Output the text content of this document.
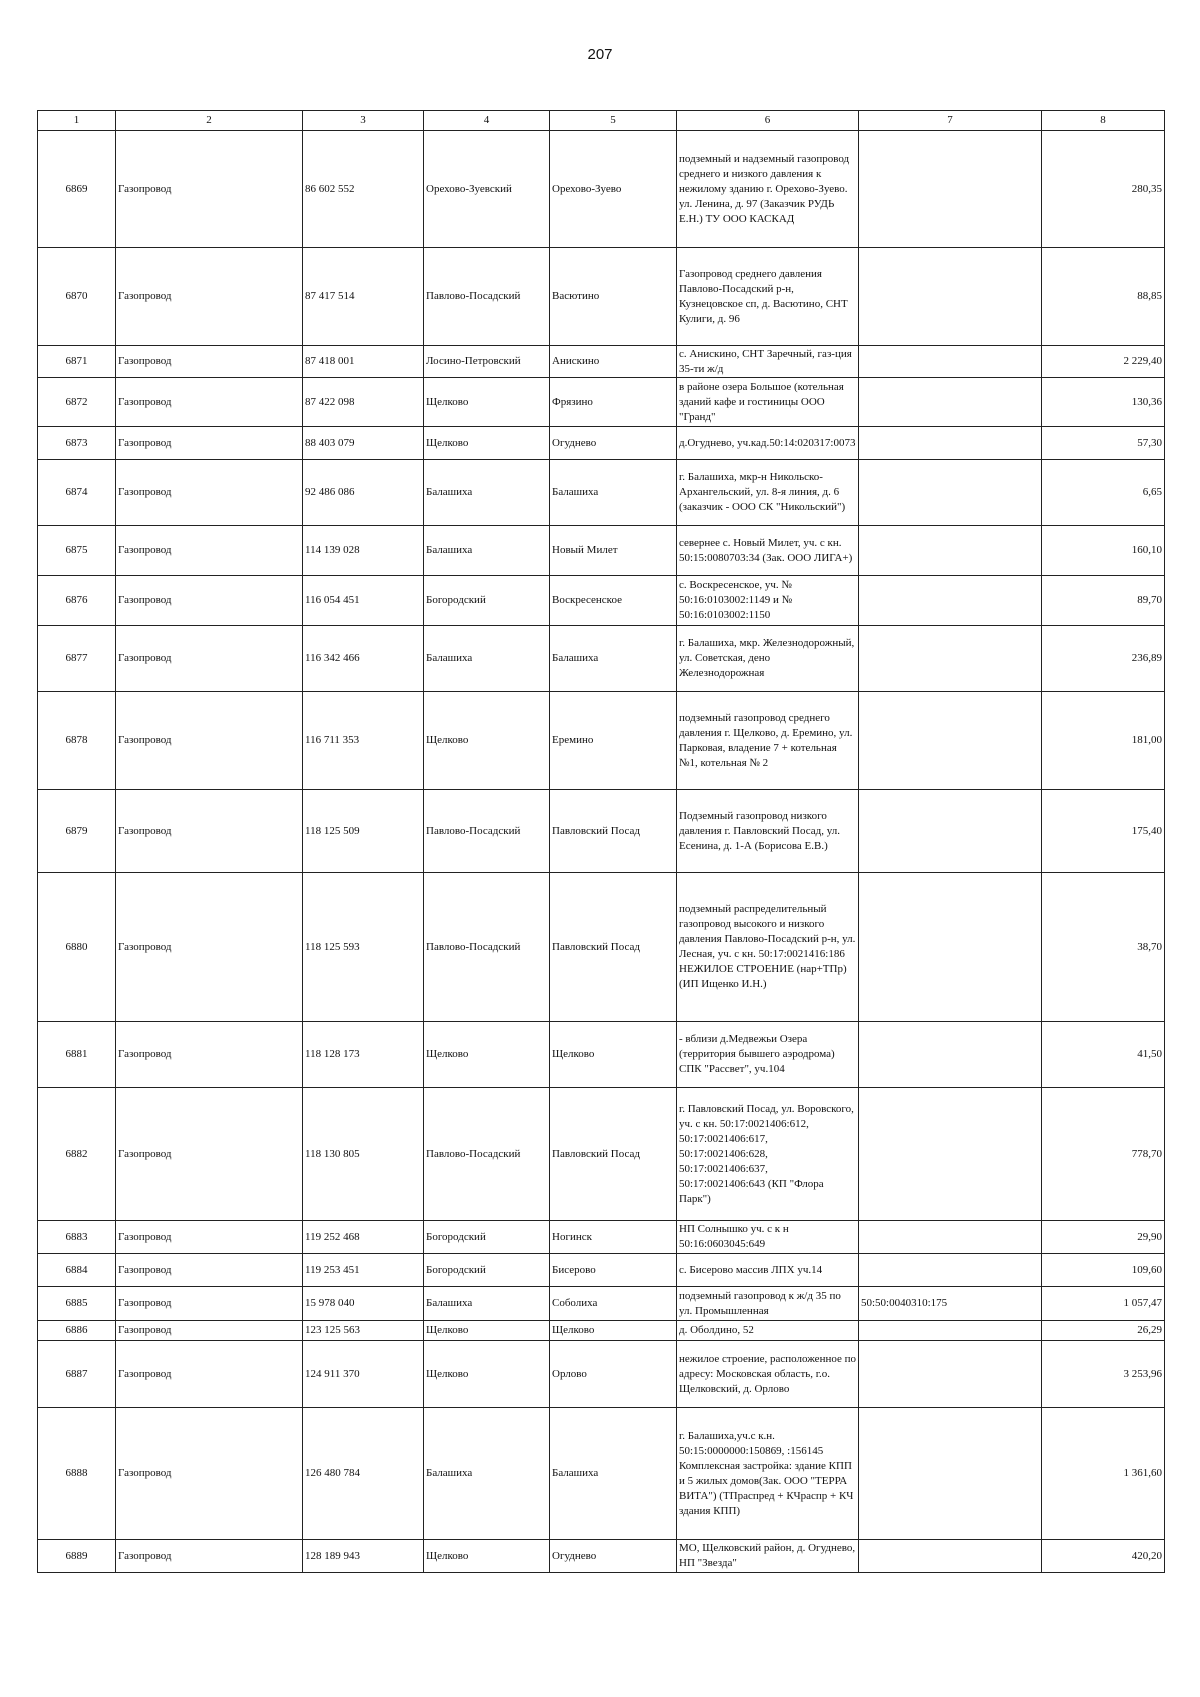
207
1	2	3	4	5	6	7	8
6869	Газопровод	86 602 552	Орехово-Зуевский	Орехово-Зуево	подземный и надземный газопровод среднего и низкого давления к нежилому зданию г. Орехово-Зуево. ул. Ленина, д. 97 (Заказчик РУДЬ Е.Н.) ТУ ООО КАСКАД		280,35
6870	Газопровод	87 417 514	Павлово-Посадский	Васютино	Газопровод среднего давления Павлово-Посадский р-н, Кузнецовское сп, д. Васютино, СНТ Кулиги, д. 96		88,85
6871	Газопровод	87 418 001	Лосино-Петровский	Анискино	с. Анискино, СНТ Заречный, газ-ция 35-ти ж/д		2 229,40
6872	Газопровод	87 422 098	Щелково	Фрязино	в районе озера Большое (котельная зданий кафе и гостиницы ООО "Гранд"		130,36
6873	Газопровод	88 403 079	Щелково	Огуднево	д.Огуднево, уч.кад.50:14:020317:0073		57,30
6874	Газопровод	92 486 086	Балашиха	Балашиха	г. Балашиха, мкр-н Никольско-Архангельский, ул. 8-я линия, д. 6 (заказчик - ООО СК "Никольский")		6,65
6875	Газопровод	114 139 028	Балашиха	Новый Милет	севернее с. Новый Милет, уч. с кн. 50:15:0080703:34 (Зак. ООО ЛИГА+)		160,10
6876	Газопровод	116 054 451	Богородский	Воскресенское	с. Воскресенское, уч. № 50:16:0103002:1149 и № 50:16:0103002:1150		89,70
6877	Газопровод	116 342 466	Балашиха	Балашиха	г. Балашиха, мкр. Железнодорожный, ул. Советская, дено Железнодорожная		236,89
6878	Газопровод	116 711 353	Щелково	Еремино	подземный газопровод среднего давления г. Щелково, д. Еремино, ул. Парковая, владение 7 + котельная №1, котельная № 2		181,00
6879	Газопровод	118 125 509	Павлово-Посадский	Павловский Посад	Подземный газопровод низкого давления г. Павловский Посад, ул. Есенина, д. 1-А (Борисова Е.В.)		175,40
6880	Газопровод	118 125 593	Павлово-Посадский	Павловский Посад	подземный распределительный газопровод высокого и низкого давления Павлово-Посадский р-н, ул. Лесная, уч. с кн. 50:17:0021416:186 НЕЖИЛОЕ СТРОЕНИЕ (нар+ТПр) (ИП Ищенко И.Н.)		38,70
6881	Газопровод	118 128 173	Щелково	Щелково	- вблизи д.Медвежьи Озера (территория бывшего аэродрома) СПК "Рассвет", уч.104		41,50
6882	Газопровод	118 130 805	Павлово-Посадский	Павловский Посад	г. Павловский Посад, ул. Воровского, уч. с кн. 50:17:0021406:612, 50:17:0021406:617, 50:17:0021406:628, 50:17:0021406:637, 50:17:0021406:643 (КП "Флора Парк")		778,70
6883	Газопровод	119 252 468	Богородский	Ногинск	НП Солнышко уч. с к н 50:16:0603045:649		29,90
6884	Газопровод	119 253 451	Богородский	Бисерово	с. Бисерово массив ЛПХ уч.14		109,60
6885	Газопровод	15 978 040	Балашиха	Соболиха	подземный газопровод к ж/д 35 по ул. Промышленная	50:50:0040310:175	1 057,47
6886	Газопровод	123 125 563	Щелково	Щелково	д. Оболдино, 52		26,29
6887	Газопровод	124 911 370	Щелково	Орлово	нежилое строение, расположенное по адресу: Московская область, г.о. Щелковский, д. Орлово		3 253,96
6888	Газопровод	126 480 784	Балашиха	Балашиха	г. Балашиха,уч.с к.н. 50:15:0000000:150869, :156145 Комплексная застройка: здание КПП и 5 жилых домов(Зак. ООО "ТЕРРА ВИТА") (ТПраспред + КЧраспр + КЧ здания КПП)		1 361,60
6889	Газопровод	128 189 943	Щелково	Огуднево	МО, Щелковский район, д. Огуднево, НП "Звезда"		420,20
